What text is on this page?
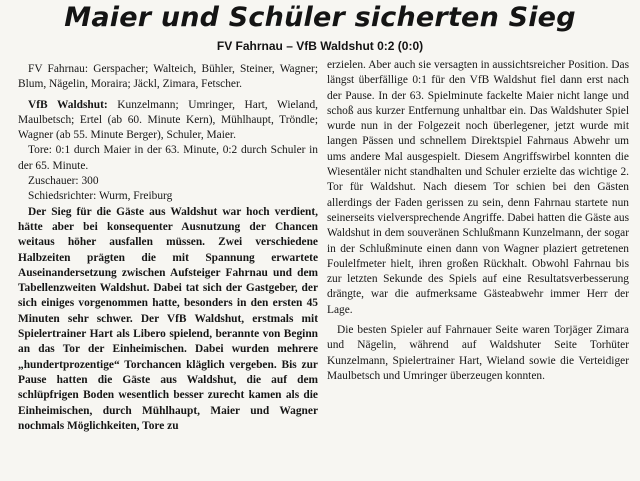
Maier und Schüler sicherten Sieg
FV Fahrnau – VfB Waldshut 0:2 (0:0)

FV Fahrnau: Gerspacher; Walteich, Bühler, Steiner, Wagner; Blum, Nägelin, Moraira; Jäckl, Zimara, Fetscher.

VfB Waldshut: Kunzelmann; Umringer, Hart, Wieland, Maulbetsch; Ertel (ab 60. Minute Kern), Mühlhaupt, Tröndle; Wagner (ab 55. Minute Berger), Schuler, Maier.

Tore: 0:1 durch Maier in der 63. Minute, 0:2 durch Schuler in der 65. Minute.

Zuschauer: 300

Schiedsrichter: Wurm, Freiburg

Der Sieg für die Gäste aus Waldshut war hoch verdient, hätte aber bei konsequenter Ausnutzung der Chancen weitaus höher ausfallen müssen. Zwei verschiedene Halbzeiten prägten die mit Spannung erwartete Auseinandersetzung zwischen Aufsteiger Fahrnau und dem Tabellenzweiten Waldshut. Dabei tat sich der Gastgeber, der sich einiges vorgenommen hatte, besonders in den ersten 45 Minuten sehr schwer. Der VfB Waldshut, erstmals mit Spielertrainer Hart als Libero spielend, berannte von Beginn an das Tor der Einheimischen. Dabei wurden mehrere „hundertprozentige“ Torchancen kläglich vergeben. Bis zur Pause hatten die Gäste aus Waldshut, die auf dem schlüpfrigen Boden wesentlich besser zurecht kamen als die Einheimischen, durch Mühlhaupt, Maier und Wagner nochmals Möglichkeiten, Tore zu

erzielen. Aber auch sie versagten in aussichtsreicher Position. Das längst überfällige 0:1 für den VfB Waldshut fiel dann erst nach der Pause. In der 63. Spielminute fackelte Maier nicht lange und schoß aus kurzer Entfernung unhaltbar ein. Das Waldshuter Spiel wurde nun in der Folgezeit noch überlegener, jetzt wurde mit langen Pässen und schnellem Direktspiel Fahrnaus Abwehr um ums andere Mal ausgespielt. Diesem Angriffswirbel konnten die Wiesentäler nicht standhalten und Schuler erzielte das wichtige 2. Tor für Waldshut. Nach diesem Tor schien bei den Gästen allerdings der Faden gerissen zu sein, denn Fahrnau startete nun seinerseits vielversprechende Angriffe. Dabei hatten die Gäste aus Waldshut in dem souveränen Schlußmann Kunzelmann, der sogar in der Schlußminute einen dann von Wagner plaziert getretenen Foulelfmeter hielt, ihren großen Rückhalt. Obwohl Fahrnau bis zur letzten Sekunde des Spiels auf eine Resultatsverbesserung drängte, war die aufmerksame Gästeabwehr immer Herr der Lage.

Die besten Spieler auf Fahrnauer Seite waren Torjäger Zimara und Nägelin, während auf Waldshuter Seite Torhüter Kunzelmann, Spielertrainer Hart, Wieland sowie die Verteidiger Maulbetsch und Umringer überzeugen konnten.
